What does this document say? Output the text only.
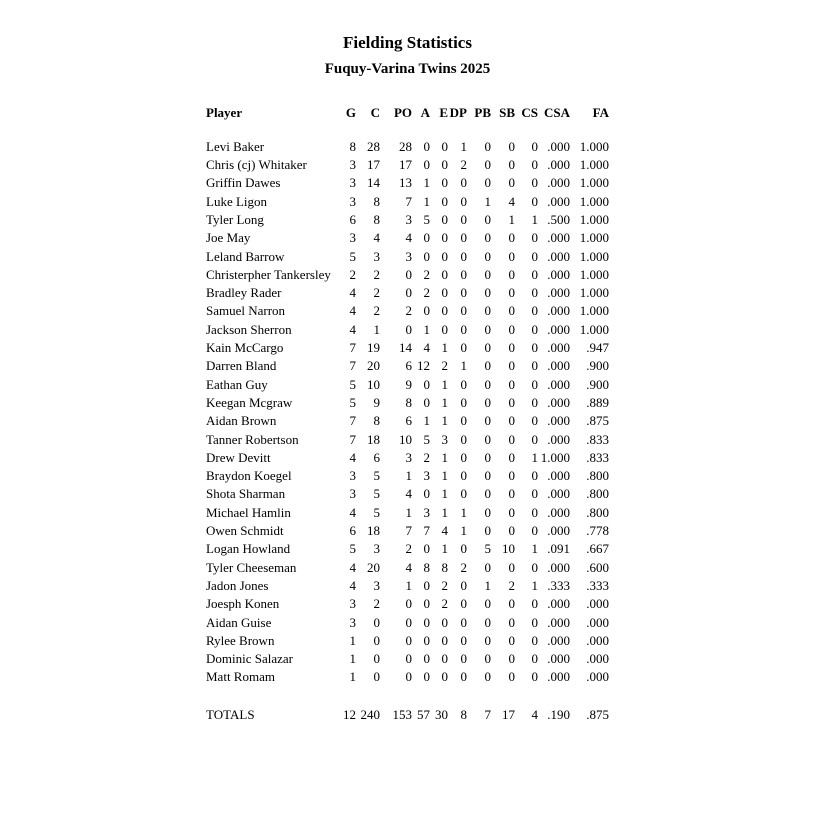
Fielding Statistics
Fuquy-Varina Twins 2025
Player	G	C	PO	A	E	DP	PB	SB	CS	CSA	FA

Levi Baker	8	28	28	0	0	1	0	0	0	.000	1.000
Chris (cj) Whitaker	3	17	17	0	0	2	0	0	0	.000	1.000
Griffin Dawes	3	14	13	1	0	0	0	0	0	.000	1.000
Luke Ligon	3	8	7	1	0	0	1	4	0	.000	1.000
Tyler Long	6	8	3	5	0	0	0	1	1	.500	1.000
Joe May	3	4	4	0	0	0	0	0	0	.000	1.000
Leland Barrow	5	3	3	0	0	0	0	0	0	.000	1.000
Christerpher Tankersley	2	2	0	2	0	0	0	0	0	.000	1.000
Bradley Rader	4	2	0	2	0	0	0	0	0	.000	1.000
Samuel Narron	4	2	2	0	0	0	0	0	0	.000	1.000
Jackson Sherron	4	1	0	1	0	0	0	0	0	.000	1.000
Kain McCargo	7	19	14	4	1	0	0	0	0	.000	.947
Darren Bland	7	20	6	12	2	1	0	0	0	.000	.900
Eathan Guy	5	10	9	0	1	0	0	0	0	.000	.900
Keegan Mcgraw	5	9	8	0	1	0	0	0	0	.000	.889
Aidan Brown	7	8	6	1	1	0	0	0	0	.000	.875
Tanner Robertson	7	18	10	5	3	0	0	0	0	.000	.833
Drew Devitt	4	6	3	2	1	0	0	0	1	1.000	.833
Braydon Koegel	3	5	1	3	1	0	0	0	0	.000	.800
Shota Sharman	3	5	4	0	1	0	0	0	0	.000	.800
Michael Hamlin	4	5	1	3	1	1	0	0	0	.000	.800
Owen Schmidt	6	18	7	7	4	1	0	0	0	.000	.778
Logan Howland	5	3	2	0	1	0	5	10	1	.091	.667
Tyler Cheeseman	4	20	4	8	8	2	0	0	0	.000	.600
Jadon Jones	4	3	1	0	2	0	1	2	1	.333	.333
Joesph Konen	3	2	0	0	2	0	0	0	0	.000	.000
Aidan Guise	3	0	0	0	0	0	0	0	0	.000	.000
Rylee Brown	1	0	0	0	0	0	0	0	0	.000	.000
Dominic Salazar	1	0	0	0	0	0	0	0	0	.000	.000
Matt Romam	1	0	0	0	0	0	0	0	0	.000	.000

TOTALS	12	240	153	57	30	8	7	17	4	.190	.875
